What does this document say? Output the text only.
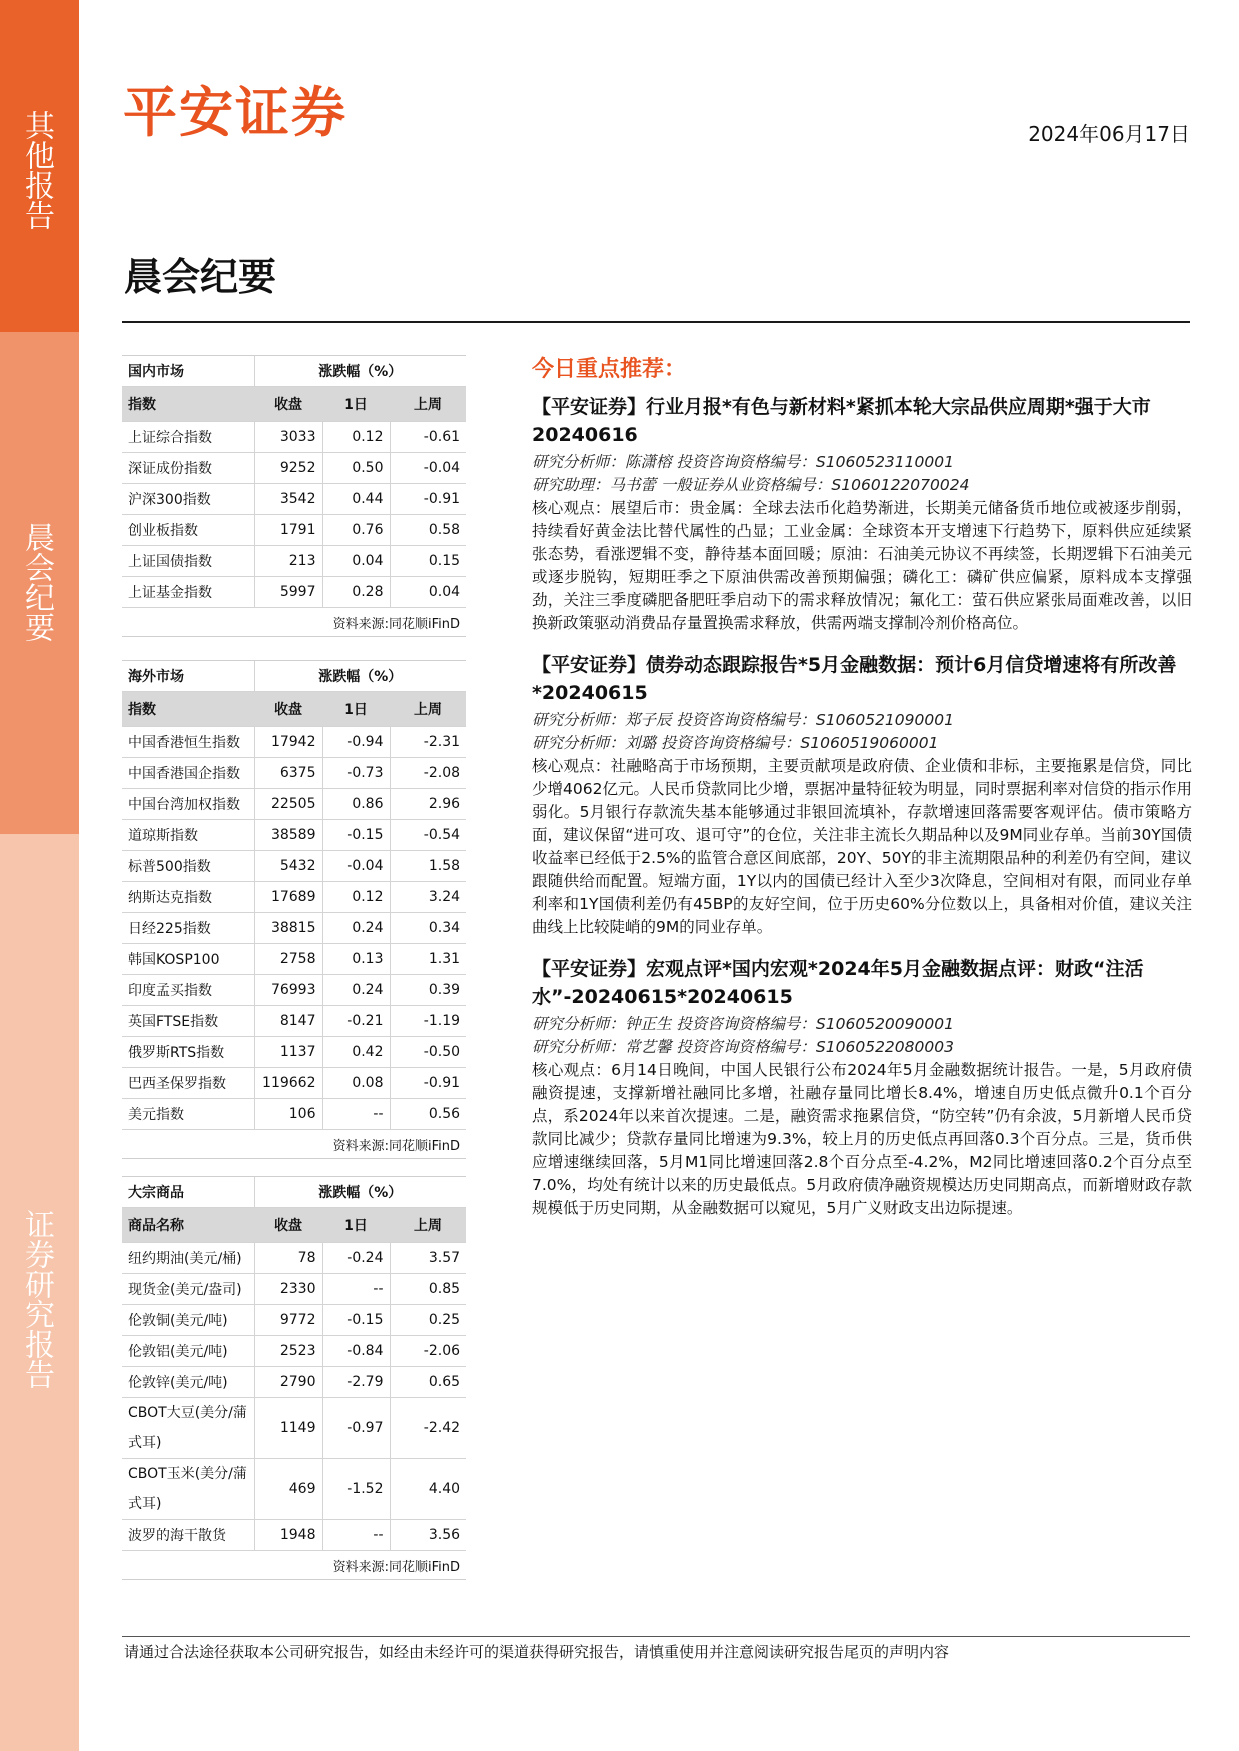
其他报告
晨会纪要
证券研究报告
平安证券	2024年06月17日
晨会纪要
国内市场	涨跌幅（%）		
指数	收盘	1日	上周
上证综合指数	3033	0.12	-0.61
深证成份指数	9252	0.50	-0.04
沪深300指数	3542	0.44	-0.91
创业板指数	1791	0.76	0.58
上证国债指数	213	0.04	0.15
上证基金指数	5997	0.28	0.04
资料来源:同花顺iFinD			
海外市场	涨跌幅（%）		
指数	收盘	1日	上周
中国香港恒生指数	17942	-0.94	-2.31
中国香港国企指数	6375	-0.73	-2.08
中国台湾加权指数	22505	0.86	2.96
道琼斯指数	38589	-0.15	-0.54
标普500指数	5432	-0.04	1.58
纳斯达克指数	17689	0.12	3.24
日经225指数	38815	0.24	0.34
韩国KOSP100	2758	0.13	1.31
印度孟买指数	76993	0.24	0.39
英国FTSE指数	8147	-0.21	-1.19
俄罗斯RTS指数	1137	0.42	-0.50
巴西圣保罗指数	119662	0.08	-0.91
美元指数	106	--	0.56
资料来源:同花顺iFinD			
大宗商品	涨跌幅（%）		
商品名称	收盘	1日	上周
纽约期油(美元/桶)	78	-0.24	3.57
现货金(美元/盎司)	2330	--	0.85
伦敦铜(美元/吨)	9772	-0.15	0.25
伦敦铝(美元/吨)	2523	-0.84	-2.06
伦敦锌(美元/吨)	2790	-2.79	0.65
CBOT大豆(美分/蒲式耳)	1149	-0.97	-2.42
CBOT玉米(美分/蒲式耳)	469	-1.52	4.40
波罗的海干散货	1948	--	3.56
资料来源:同花顺iFinD			
今日重点推荐：
【平安证券】行业月报*有色与新材料*紧抓本轮大宗品供应周期*强于大市20240616
研究分析师：陈潇榕 投资咨询资格编号：S1060523110001
研究助理：马书蕾 一般证券从业资格编号：S1060122070024
核心观点：展望后市：贵金属：全球去法币化趋势渐进，长期美元储备货币地位或被逐步削弱，持续看好黄金法比替代属性的凸显；工业金属：全球资本开支增速下行趋势下，原料供应延续紧张态势，看涨逻辑不变，静待基本面回暖；原油：石油美元协议不再续签，长期逻辑下石油美元或逐步脱钩，短期旺季之下原油供需改善预期偏强；磷化工：磷矿供应偏紧，原料成本支撑强劲，关注三季度磷肥备肥旺季启动下的需求释放情况；氟化工：萤石供应紧张局面难改善，以旧换新政策驱动消费品存量置换需求释放，供需两端支撑制冷剂价格高位。
【平安证券】债券动态跟踪报告*5月金融数据：预计6月信贷增速将有所改善*20240615
研究分析师：郑子辰 投资咨询资格编号：S1060521090001
研究分析师：刘璐 投资咨询资格编号：S1060519060001
核心观点：社融略高于市场预期，主要贡献项是政府债、企业债和非标，主要拖累是信贷，同比少增4062亿元。人民币贷款同比少增，票据冲量特征较为明显，同时票据利率对信贷的指示作用弱化。5月银行存款流失基本能够通过非银回流填补，存款增速回落需要客观评估。债市策略方面，建议保留“进可攻、退可守”的仓位，关注非主流长久期品种以及9M同业存单。当前30Y国债收益率已经低于2.5%的监管合意区间底部，20Y、50Y的非主流期限品种的利差仍有空间，建议跟随供给而配置。短端方面，1Y以内的国债已经计入至少3次降息，空间相对有限，而同业存单利率和1Y国债利差仍有45BP的友好空间，位于历史60%分位数以上，具备相对价值，建议关注曲线上比较陡峭的9M的同业存单。
【平安证券】宏观点评*国内宏观*2024年5月金融数据点评：财政“注活水”-20240615*20240615
研究分析师：钟正生 投资咨询资格编号：S1060520090001
研究分析师：常艺馨 投资咨询资格编号：S1060522080003
核心观点：6月14日晚间，中国人民银行公布2024年5月金融数据统计报告。一是，5月政府债融资提速，支撑新增社融同比多增，社融存量同比增长8.4%，增速自历史低点微升0.1个百分点，系2024年以来首次提速。二是，融资需求拖累信贷，“防空转”仍有余波，5月新增人民币贷款同比减少；贷款存量同比增速为9.3%，较上月的历史低点再回落0.3个百分点。三是，货币供应增速继续回落，5月M1同比增速回落2.8个百分点至-4.2%，M2同比增速回落0.2个百分点至7.0%，均处有统计以来的历史最低点。5月政府债净融资规模达历史同期高点，而新增财政存款规模低于历史同期，从金融数据可以窥见，5月广义财政支出边际提速。
请通过合法途径获取本公司研究报告，如经由未经许可的渠道获得研究报告，请慎重使用并注意阅读研究报告尾页的声明内容
